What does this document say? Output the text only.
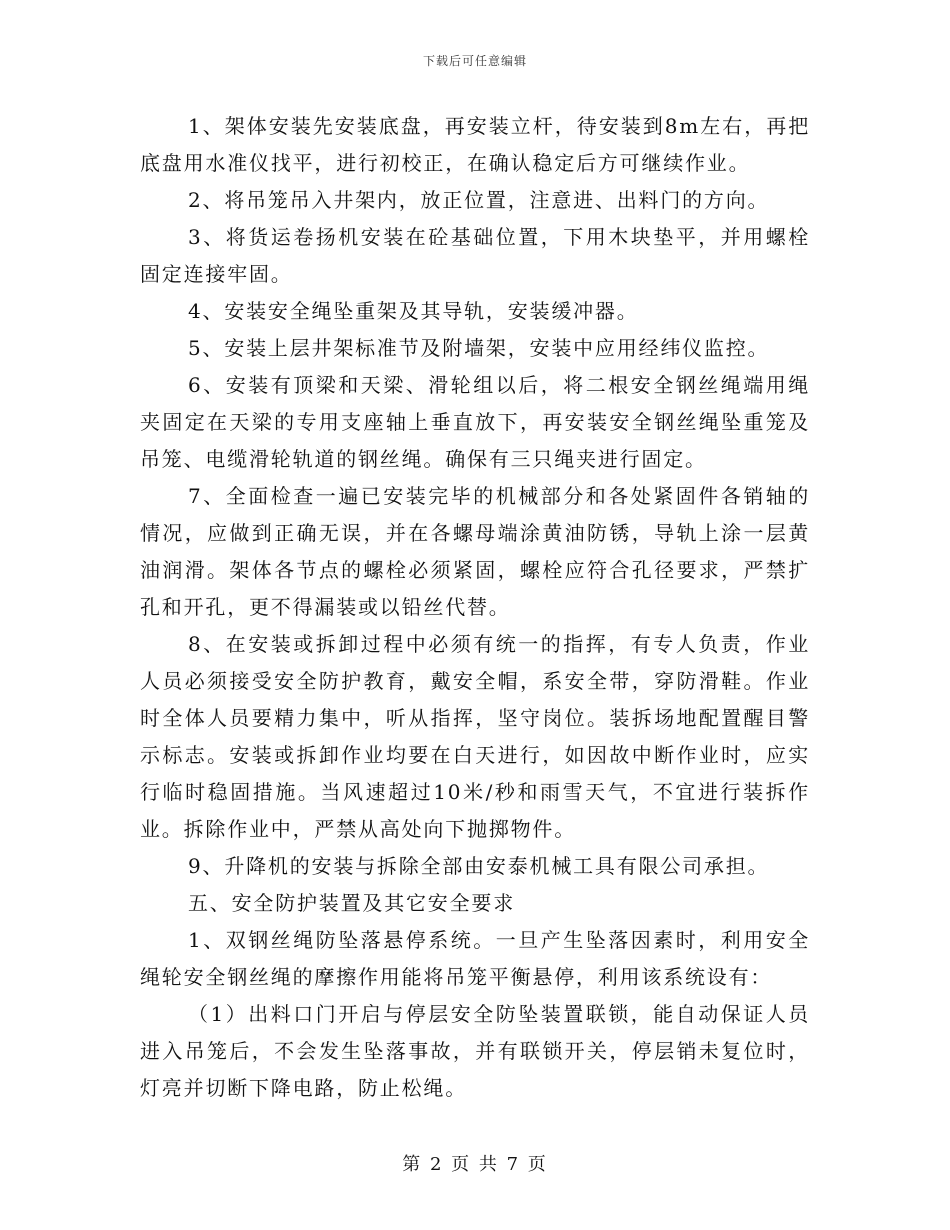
下载后可任意编辑

1、架体安装先安装底盘，再安装立杆，待安装到8m左右，再把底盘用水准仪找平，进行初校正，在确认稳定后方可继续作业。

2、将吊笼吊入井架内，放正位置，注意进、出料门的方向。

3、将货运卷扬机安装在砼基础位置，下用木块垫平，并用螺栓固定连接牢固。

4、安装安全绳坠重架及其导轨，安装缓冲器。

5、安装上层井架标准节及附墙架，安装中应用经纬仪监控。

6、安装有顶梁和天梁、滑轮组以后，将二根安全钢丝绳端用绳夹固定在天梁的专用支座轴上垂直放下，再安装安全钢丝绳坠重笼及吊笼、电缆滑轮轨道的钢丝绳。确保有三只绳夹进行固定。

7、全面检查一遍已安装完毕的机械部分和各处紧固件各销轴的情况，应做到正确无误，并在各螺母端涂黄油防锈，导轨上涂一层黄油润滑。架体各节点的螺栓必须紧固，螺栓应符合孔径要求，严禁扩孔和开孔，更不得漏装或以铅丝代替。

8、在安装或拆卸过程中必须有统一的指挥，有专人负责，作业人员必须接受安全防护教育，戴安全帽，系安全带，穿防滑鞋。作业时全体人员要精力集中，听从指挥，坚守岗位。装拆场地配置醒目警示标志。安装或拆卸作业均要在白天进行，如因故中断作业时，应实行临时稳固措施。当风速超过10米/秒和雨雪天气，不宜进行装拆作业。拆除作业中，严禁从高处向下抛掷物件。

9、升降机的安装与拆除全部由安泰机械工具有限公司承担。

五、安全防护装置及其它安全要求

1、双钢丝绳防坠落悬停系统。一旦产生坠落因素时，利用安全绳轮安全钢丝绳的摩擦作用能将吊笼平衡悬停，利用该系统设有：

（1）出料口门开启与停层安全防坠装置联锁，能自动保证人员进入吊笼后，不会发生坠落事故，并有联锁开关，停层销未复位时，灯亮并切断下降电路，防止松绳。

第 2 页 共 7 页
